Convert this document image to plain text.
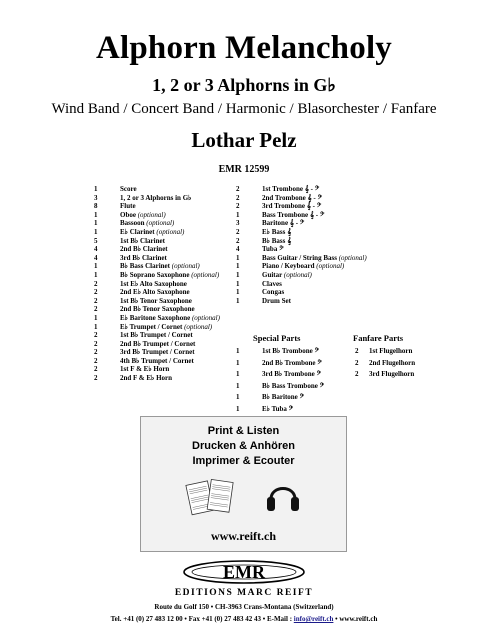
Alphorn Melancholy
1, 2 or 3 Alphorns in G♭
Wind Band / Concert Band / Harmonic / Blasorchester / Fanfare
Lothar Pelz
EMR 12599
1	Score
3	1, 2 or 3 Alphorns in G♭
8	Flute
1	Oboe (optional)
1	Bassoon (optional)
1	E♭ Clarinet (optional)
5	1st B♭ Clarinet
4	2nd B♭ Clarinet
4	3rd B♭ Clarinet
1	B♭ Bass Clarinet (optional)
1	B♭ Soprano Saxophone (optional)
2	1st E♭ Alto Saxophone
2	2nd E♭ Alto Saxophone
2	1st B♭ Tenor Saxophone
2	2nd B♭ Tenor Saxophone
1	E♭ Baritone Saxophone (optional)
1	E♭ Trumpet / Cornet (optional)
2	1st B♭ Trumpet / Cornet
2	2nd B♭ Trumpet / Cornet
2	3rd B♭ Trumpet / Cornet
2	4th B♭ Trumpet / Cornet
2	1st F & E♭ Horn
2	2nd F & E♭ Horn
2	1st Trombone 𝄞 - 𝄢
2	2nd Trombone 𝄞 - 𝄢
2	3rd Trombone 𝄞 - 𝄢
1	Bass Trombone 𝄞 - 𝄢
3	Baritone 𝄞 - 𝄢
2	E♭ Bass 𝄞
2	B♭ Bass 𝄞
4	Tuba 𝄢
1	Bass Guitar / String Bass (optional)
1	Piano / Keyboard (optional)
1	Guitar (optional)
1	Claves
1	Congas
1	Drum Set
Special Parts	Fanfare Parts
1	1st B♭ Trombone 𝄢
1	2nd B♭ Trombone 𝄢
1	3rd B♭ Trombone 𝄢
1	B♭ Bass Trombone 𝄢
1	B♭ Baritone 𝄢
1	E♭ Tuba 𝄢
2	1st Flugelhorn
2	2nd Flugelhorn
2	3rd Flugelhorn
Print & Listen
Drucken & Anhören
Imprimer & Ecouter
www.reift.ch
EMR
EDITIONS MARC REIFT
Route du Golf 150 • CH-3963 Crans-Montana (Switzerland)
Tel. +41 (0) 27 483 12 00 • Fax +41 (0) 27 483 42 43 • E-Mail : info@reift.ch • www.reift.ch
